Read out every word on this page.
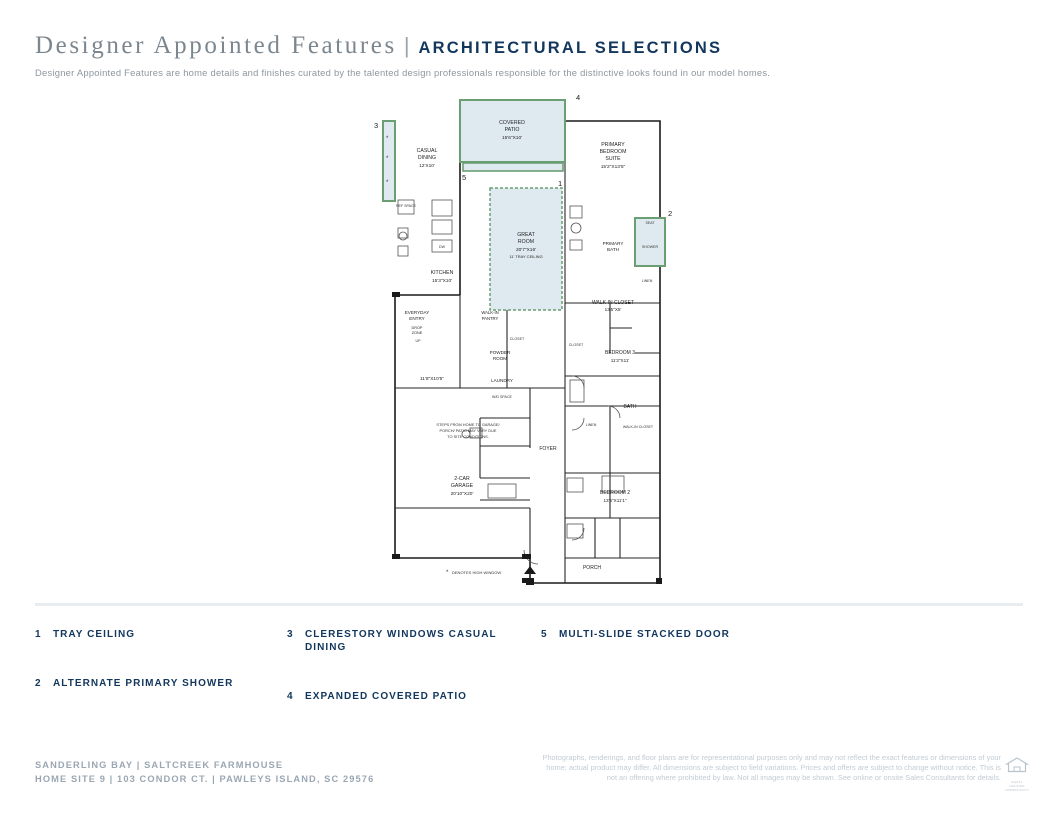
Designer Appointed Features | ARCHITECTURAL SELECTIONS
Designer Appointed Features are home details and finishes curated by the talented design professionals responsible for the distinctive looks found in our model homes.
COVERED
PATIO
15'6"X10'
CASUAL
DINING
12'X10'
PRIMARY
BEDROOM
SUITE
15'2"X13'5"
GREAT
ROOM
20'7"X16'
11' TRAY CEILING
PRIMARY
BATH
KITCHEN
15'3"X10'
WALK-IN CLOSET
13'5"X5'
EVERYDAY
ENTRY
DROP
ZONE
WALK-IN
PANTRY
POWDER
ROOM
LAUNDRY
BEDROOM 3
11'2"X11'
BATH
FOYER
BEDROOM 2
13'5"X11'1"
2-CAR
GARAGE
20'10"X20'
PORCH
11'8"X10'5"
REF SPACE
DW
CLOSET
CLOSET
LINEN
LINEN	WALK-IN CLOSET
W/D SPACE
UP
SEAT
SHOWER
STEPS FROM HOME TO GARAGE/
PORCH/ PATIO MAY VARY DUE
TO SITE CONDITIONS.
DENOTES HIGH WINDOW
*
*
*
*	1
2
3
4
5
1	TRAY CEILING
2	ALTERNATE PRIMARY SHOWER
3	CLERESTORY WINDOWS CASUAL DINING
4	EXPANDED COVERED PATIO
5	MULTI-SLIDE STACKED DOOR
SANDERLING BAY | SALTCREEK FARMHOUSE
HOME SITE 9 | 103 CONDOR CT. | PAWLEYS ISLAND, SC 29576
Photographs, renderings, and floor plans are for representational purposes only and may not reflect the exact features or dimensions of your home; actual product may differ. All dimensions are subject to field variations. Prices and offers are subject to change without notice. This is not an offering where prohibited by law. Not all images may be shown. See online or onsite Sales Consultants for details.	EQUAL HOUSING OPPORTUNITY
